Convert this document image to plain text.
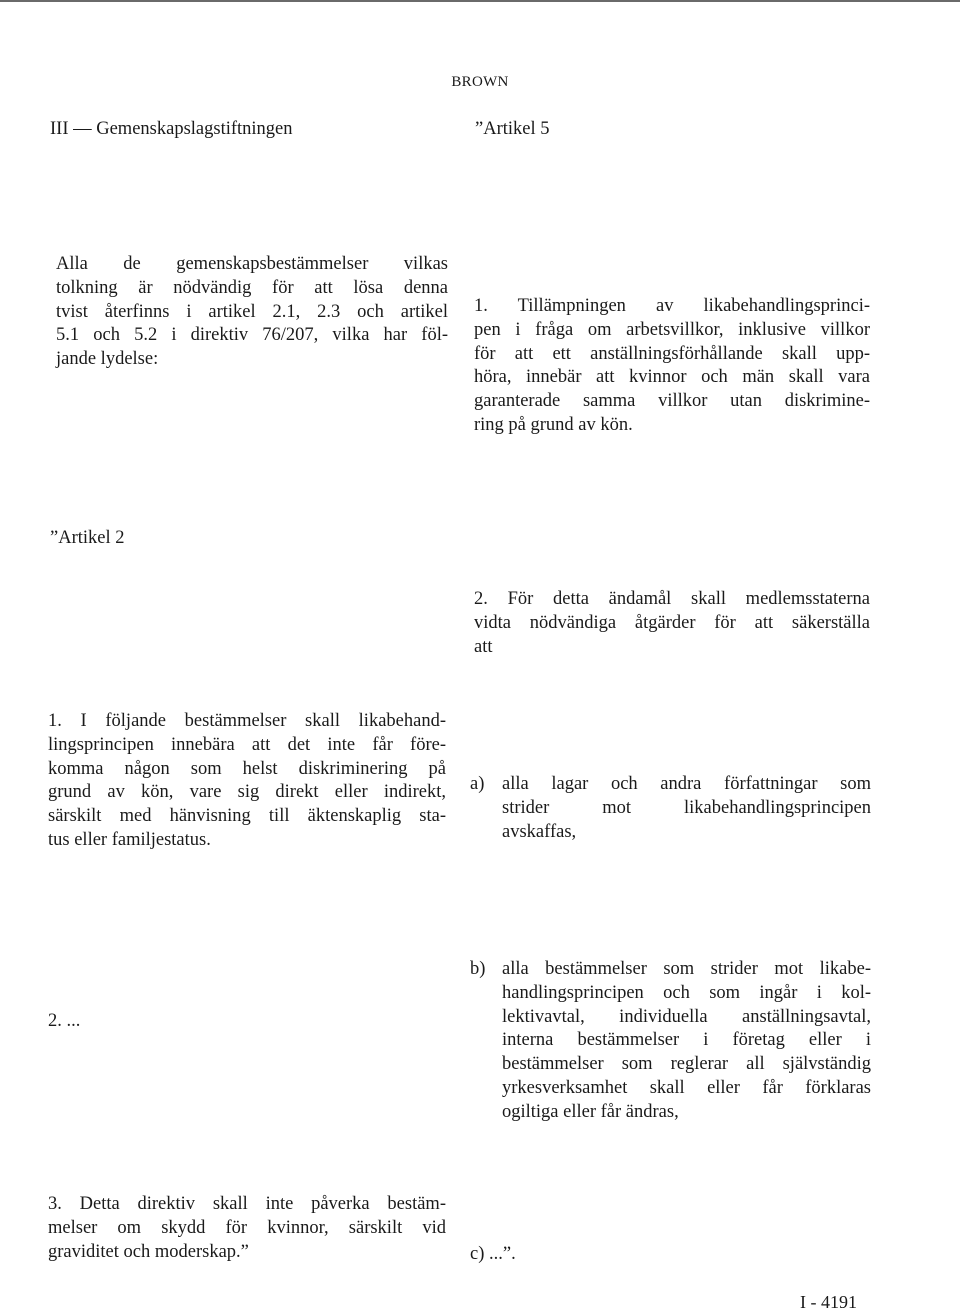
BROWN
III — Gemenskapslagstiftningen
Alla de gemenskapsbestämmelser vilkas
tolkning är nödvändig för att lösa denna
tvist återfinns i artikel 2.1, 2.3 och artikel
5.1 och 5.2 i direktiv 76/207, vilka har föl-
jande lydelse:
”Artikel 2
1. I följande bestämmelser skall likabehand-
lingsprincipen innebära att det inte får före-
komma någon som helst diskriminering på
grund av kön, vare sig direkt eller indirekt,
särskilt med hänvisning till äktenskaplig sta-
tus eller familjestatus.
2. ...
3. Detta direktiv skall inte påverka bestäm-
melser om skydd för kvinnor, särskilt vid
graviditet och moderskap.”
”Artikel 5
1. Tillämpningen av likabehandlingsprinci-
pen i fråga om arbetsvillkor, inklusive villkor
för att ett anställningsförhållande skall upp-
höra, innebär att kvinnor och män skall vara
garanterade samma villkor utan diskrimine-
ring på grund av kön.
2. För detta ändamål skall medlemsstaterna
vidta nödvändiga åtgärder för att säkerställa
att
a) alla lagar och andra författningar som
strider mot likabehandlingsprincipen
avskaffas,
b) alla bestämmelser som strider mot likabe-
handlingsprincipen och som ingår i kol-
lektivavtal, individuella anställningsavtal,
interna bestämmelser i företag eller i
bestämmelser som reglerar all självständig
yrkesverksamhet skall eller får förklaras
ogiltiga eller får ändras,
c) ...”.
I - 4191
